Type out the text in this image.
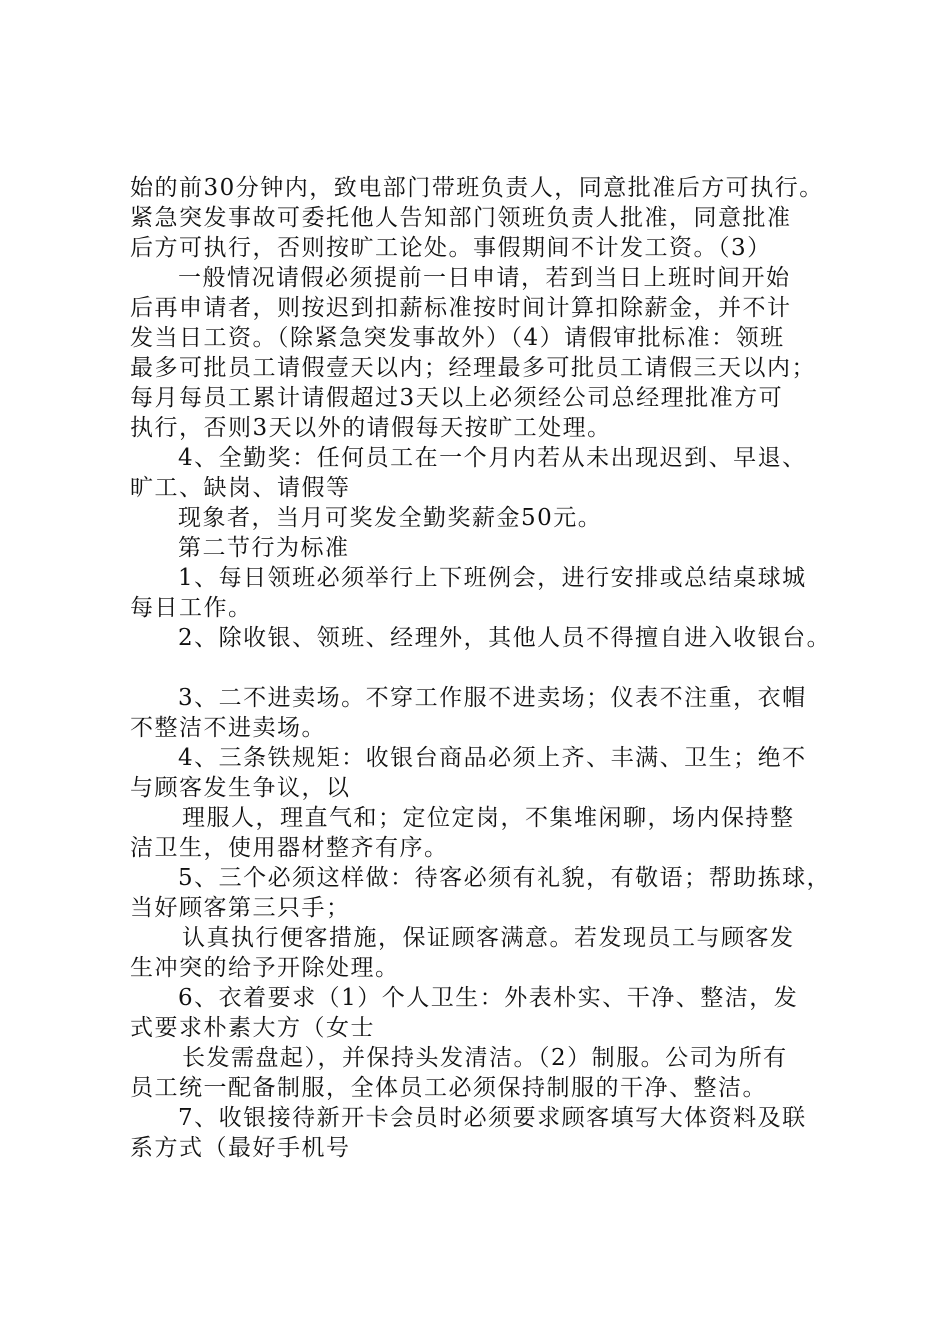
始的前30分钟内，致电部门带班负责人，同意批准后方可执行。
紧急突发事故可委托他人告知部门领班负责人批准，同意批准
后方可执行，否则按旷工论处。事假期间不计发工资。（3）
一般情况请假必须提前一日申请，若到当日上班时间开始
后再申请者，则按迟到扣薪标准按时间计算扣除薪金，并不计
发当日工资。（除紧急突发事故外）（4）请假审批标准：领班
最多可批员工请假壹天以内；经理最多可批员工请假三天以内；
每月每员工累计请假超过3天以上必须经公司总经理批准方可
执行，否则3天以外的请假每天按旷工处理。
4、全勤奖：任何员工在一个月内若从未出现迟到、早退、
旷工、缺岗、请假等
现象者，当月可奖发全勤奖薪金50元。
第二节行为标准
1、每日领班必须举行上下班例会，进行安排或总结桌球城
每日工作。
2、除收银、领班、经理外，其他人员不得擅自进入收银台。
3、二不进卖场。不穿工作服不进卖场；仪表不注重，衣帽
不整洁不进卖场。
4、三条铁规矩：收银台商品必须上齐、丰满、卫生；绝不
与顾客发生争议，以
理服人，理直气和；定位定岗，不集堆闲聊，场内保持整
洁卫生，使用器材整齐有序。
5、三个必须这样做：待客必须有礼貌，有敬语；帮助拣球，
当好顾客第三只手；
认真执行便客措施，保证顾客满意。若发现员工与顾客发
生冲突的给予开除处理。
6、衣着要求（1）个人卫生：外表朴实、干净、整洁，发
式要求朴素大方（女士
长发需盘起），并保持头发清洁。（2）制服。公司为所有
员工统一配备制服，全体员工必须保持制服的干净、整洁。
7、收银接待新开卡会员时必须要求顾客填写大体资料及联
系方式（最好手机号
